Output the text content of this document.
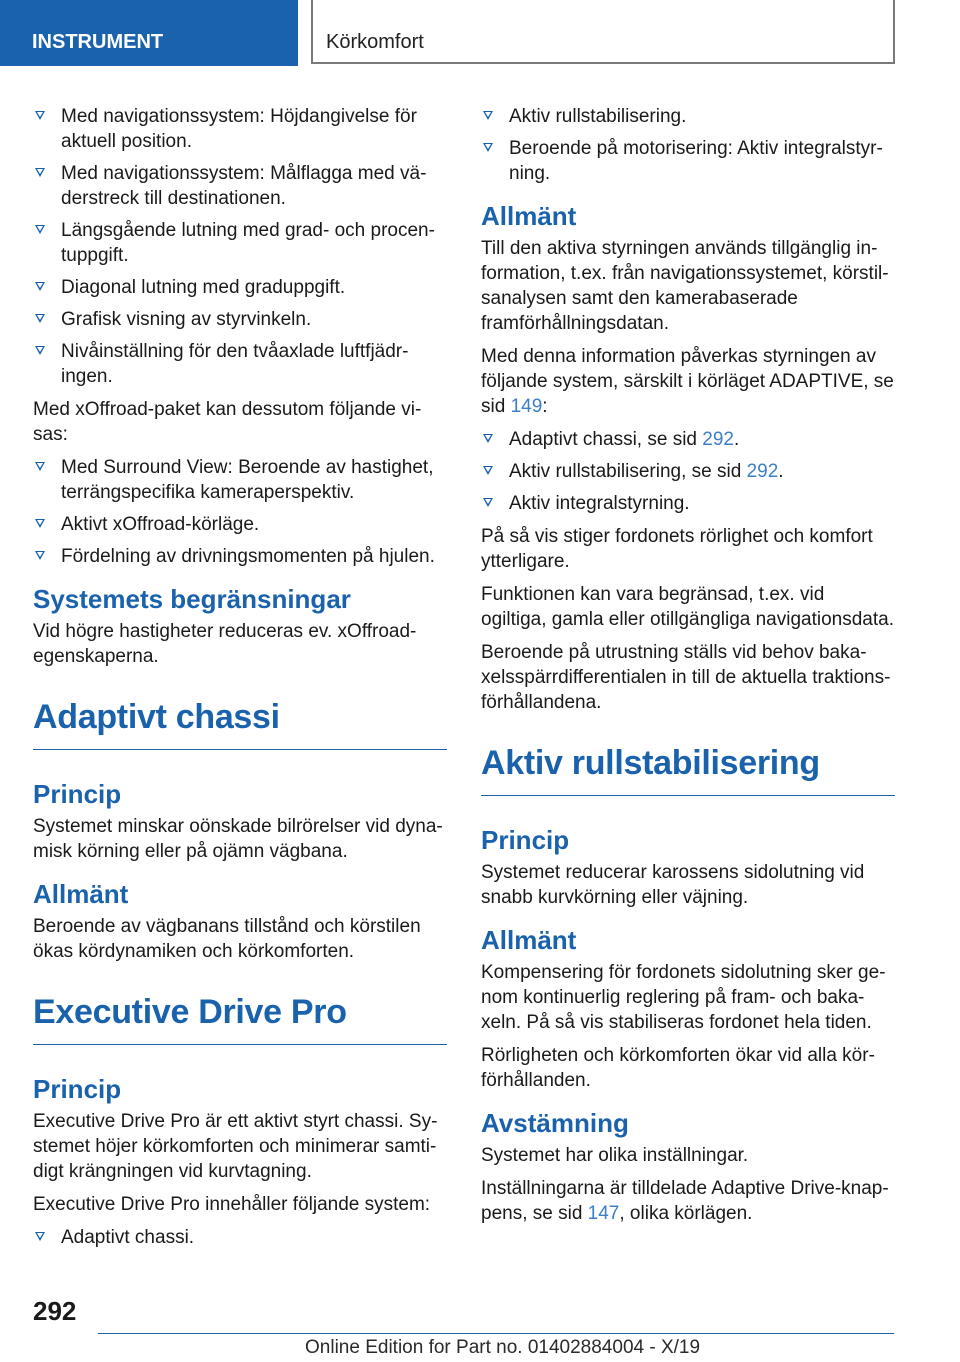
INSTRUMENT	Körkomfort
Med navigationssystem: Höjdangivelse för aktuell position.
Med navigationssystem: Målflagga med väderstreck till destinationen.
Längsgående lutning med grad- och procentuppgift.
Diagonal lutning med graduppgift.
Grafisk visning av styrvinkeln.
Nivåinställning för den tvåaxlade luftfjädringen.

Med xOffroad-paket kan dessutom följande visas:

Med Surround View: Beroende av hastighet, terrängspecifika kameraperspektiv.
Aktivt xOffroad-körläge.
Fördelning av drivningsmomenten på hjulen.
Systemets begränsningar

Vid högre hastigheter reduceras ev. xOffroad-egenskaperna.

Adaptivt chassi
Princip

Systemet minskar oönskade bilrörelser vid dynamisk körning eller på ojämn vägbana.

Allmänt

Beroende av vägbanans tillstånd och körstilen ökas kördynamiken och körkomforten.

Executive Drive Pro
Princip

Executive Drive Pro är ett aktivt styrt chassi. Systemet höjer körkomforten och minimerar samtidigt krängningen vid kurvtagning.

Executive Drive Pro innehåller följande system:

Adaptivt chassi.
Aktiv rullstabilisering.
Beroende på motorisering: Aktiv integralstyrning.
Allmänt

Till den aktiva styrningen används tillgänglig information, t.ex. från navigationssystemet, körstilsanalysen samt den kamerabaserade framförhållningsdatan.

Med denna information påverkas styrningen av följande system, särskilt i körläget ADAPTIVE, se sid 149:

Adaptivt chassi, se sid 292.
Aktiv rullstabilisering, se sid 292.
Aktiv integralstyrning.

På så vis stiger fordonets rörlighet och komfort ytterligare.

Funktionen kan vara begränsad, t.ex. vid ogiltiga, gamla eller otillgängliga navigationsdata.

Beroende på utrustning ställs vid behov bakaxelsspärrdifferentialen in till de aktuella traktionsförhållandena.

Aktiv rullstabilisering
Princip

Systemet reducerar karossens sidolutning vid snabb kurvkörning eller väjning.

Allmänt

Kompensering för fordonets sidolutning sker genom kontinuerlig reglering på fram- och bakaxeln. På så vis stabiliseras fordonet hela tiden.

Rörligheten och körkomforten ökar vid alla körförhållanden.

Avstämning

Systemet har olika inställningar.

Inställningarna är tilldelade Adaptive Drive-knappens, se sid 147, olika körlägen.

292
Online Edition for Part no. 01402884004 - X/19
